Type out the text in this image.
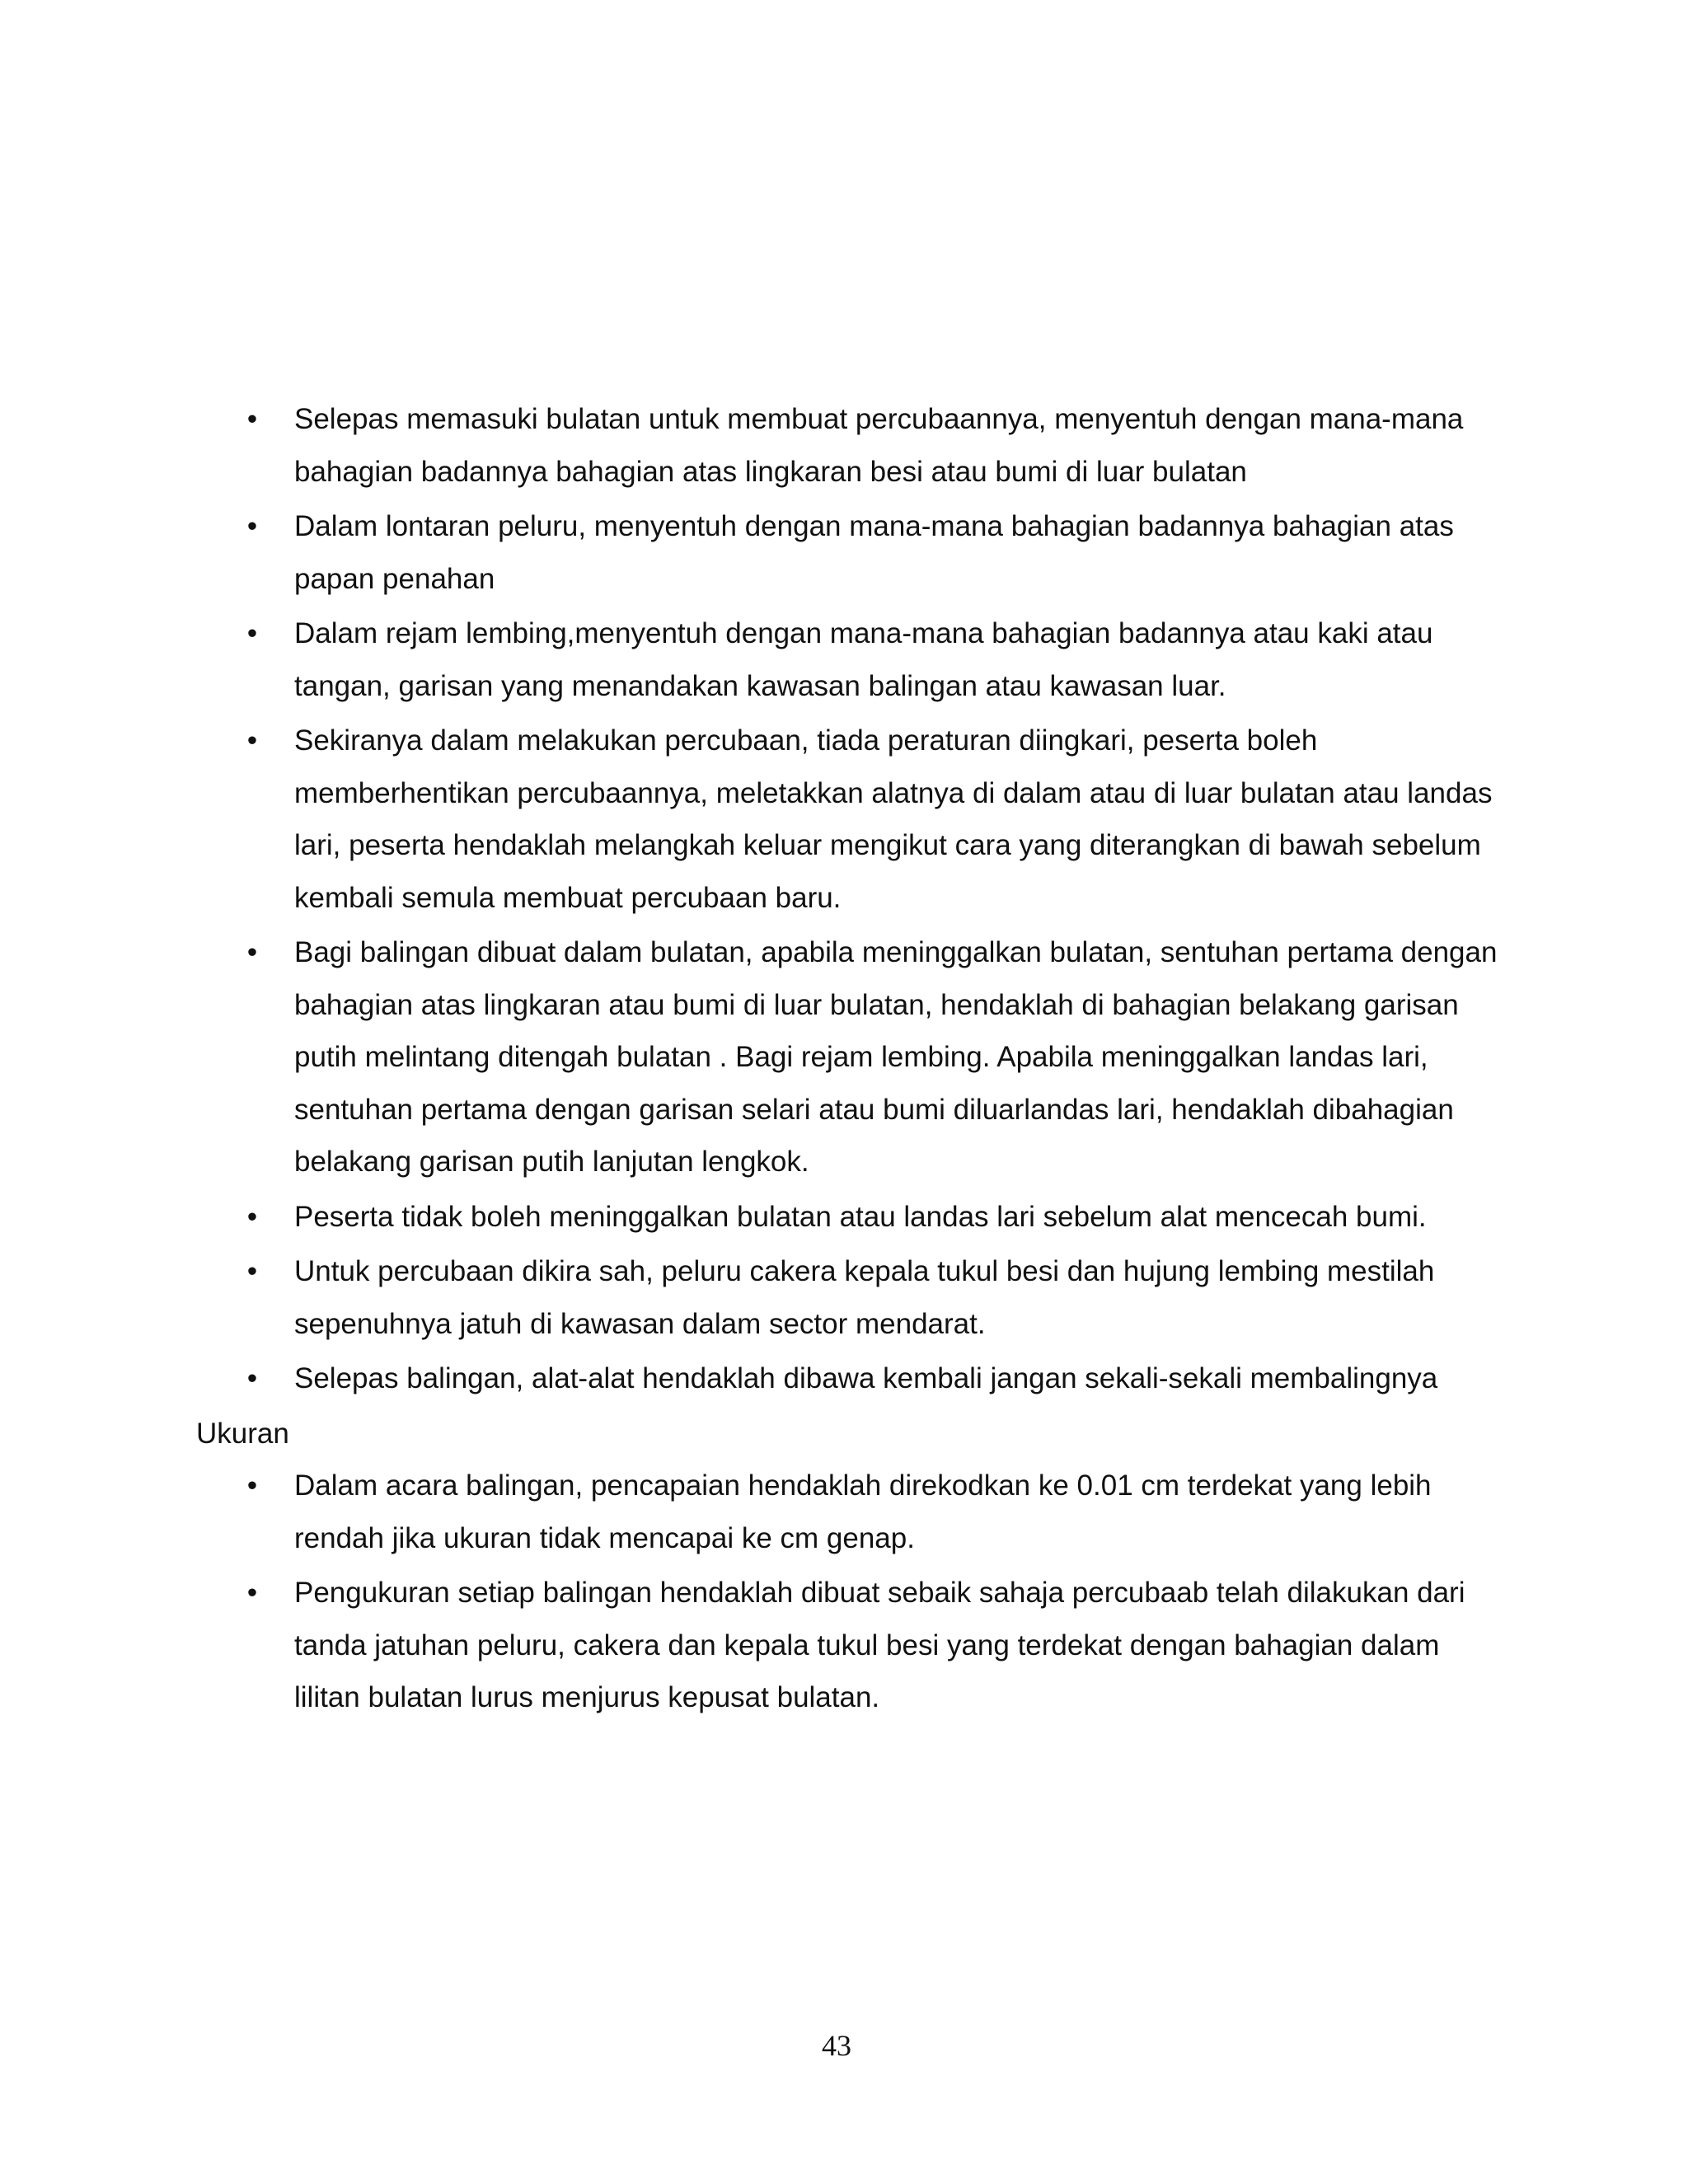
• Selepas memasuki bulatan untuk membuat percubaannya, menyentuh dengan mana-mana bahagian badannya bahagian atas lingkaran besi atau bumi di luar bulatan
• Dalam lontaran peluru, menyentuh dengan mana-mana bahagian badannya bahagian atas papan penahan
• Dalam rejam lembing,menyentuh dengan mana-mana bahagian badannya atau kaki atau tangan, garisan yang menandakan kawasan balingan atau kawasan luar.
• Sekiranya dalam melakukan percubaan, tiada peraturan diingkari, peserta boleh memberhentikan percubaannya, meletakkan alatnya di dalam atau di luar bulatan atau landas lari, peserta hendaklah melangkah keluar mengikut cara yang diterangkan di bawah sebelum kembali semula membuat percubaan baru.
• Bagi balingan dibuat dalam bulatan, apabila meninggalkan bulatan, sentuhan pertama dengan bahagian atas lingkaran atau bumi di luar bulatan, hendaklah di bahagian belakang garisan putih melintang ditengah bulatan . Bagi rejam lembing. Apabila meninggalkan landas lari, sentuhan pertama dengan garisan selari atau bumi diluarlandas lari, hendaklah dibahagian belakang garisan putih lanjutan lengkok.
• Peserta tidak boleh meninggalkan bulatan atau landas lari sebelum alat mencecah bumi.
• Untuk percubaan dikira sah, peluru cakera kepala tukul besi dan hujung lembing mestilah sepenuhnya jatuh di kawasan dalam sector mendarat.
• Selepas balingan, alat-alat hendaklah dibawa kembali jangan sekali-sekali membalingnya

Ukuran

• Dalam acara balingan, pencapaian hendaklah direkodkan ke 0.01 cm terdekat yang lebih rendah jika ukuran tidak mencapai ke cm genap.
• Pengukuran setiap balingan hendaklah dibuat sebaik sahaja percubaab telah dilakukan dari tanda jatuhan peluru, cakera dan kepala tukul besi yang terdekat dengan bahagian dalam lilitan bulatan lurus menjurus kepusat bulatan.
43
